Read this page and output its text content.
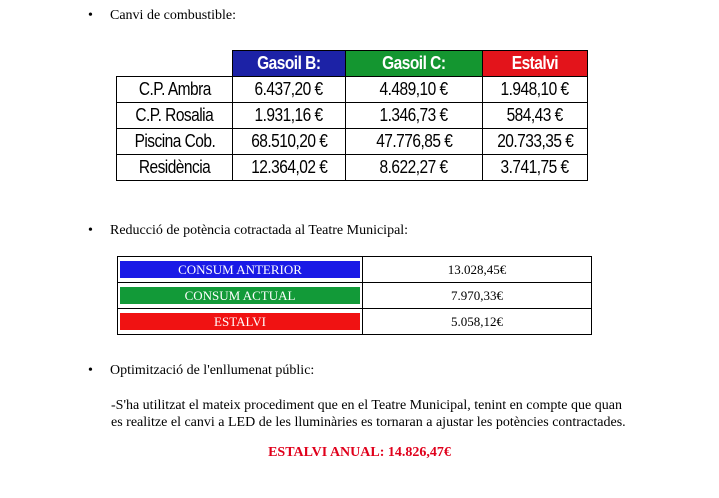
• Canvi de combustible:
	Gasoil B:	Gasoil C:	Estalvi
C.P. Ambra	6.437,20 €	4.489,10 €	1.948,10 €
C.P. Rosalia	1.931,16 €	1.346,73 €	584,43 €
Piscina Cob.	68.510,20 €	47.776,85 €	20.733,35 €
Residència	12.364,02 €	8.622,27 €	3.741,75 €
• Reducció de potència cotractada al Teatre Municipal:
CONSUM ANTERIOR	13.028,45€

CONSUM ACTUAL	7.970,33€

ESTALVI	5.058,12€
• Optimització de l'enllumenat públic:
-S'ha utilitzat el mateix procediment que en el Teatre Municipal, tenint en compte que quan
es realitze el canvi a LED de les lluminàries es tornaran a ajustar les potències contractades.
ESTALVI ANUAL: 14.826,47€
